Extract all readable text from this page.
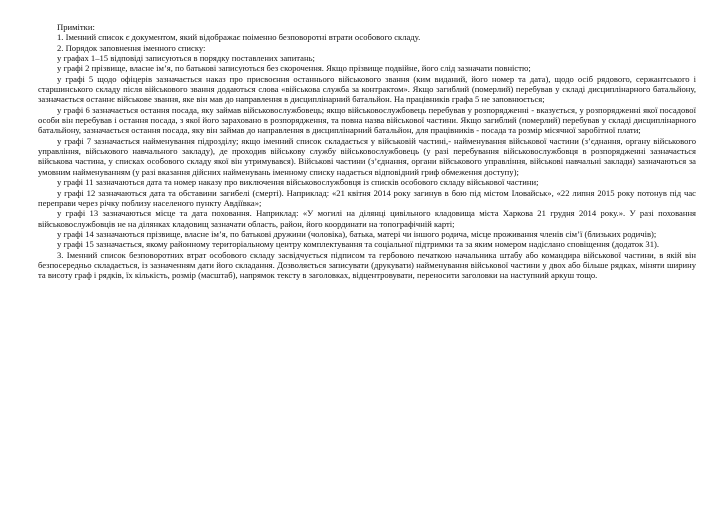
Примітки:

1. Іменний список є документом, який відображає поіменно безповоротні втрати особового складу.

2. Порядок заповнення іменного списку:

у графах 1–15 відповіді записуються в порядку поставлених запитань;

у графі 2 прізвище, власне ім’я, по батькові записуються без скорочення. Якщо прізвище подвійне, його слід зазначати повністю;

у графі 5 щодо офіцерів зазначається наказ про присвоєння останнього військового звання (ким виданий, його номер та дата), щодо осіб рядового, сержантського і старшинського складу після військового звання додаються слова «військова служба за контрактом». Якщо загиблий (померлий) перебував у складі дисциплінарного батальйону, зазначається останнє військове звання, яке він мав до направлення в дисциплінарний батальйон. На працівників графа 5 не заповнюється;

у графі 6 зазначається остання посада, яку займав військовослужбовець; якщо військовослужбовець перебував у розпорядженні - вказується, у розпорядженні якої посадової особи він перебував і остання посада, з якої його зараховано в розпорядження, та повна назва військової частини. Якщо загиблий (померлий) перебував у складі дисциплінарного батальйону, зазначається остання посада, яку він займав до направлення в дисциплінарний батальйон, для працівників - посада та розмір місячної заробітної плати;

у графі 7 зазначається найменування підрозділу; якщо іменний список складається у військовій частині,- найменування військової частини (з’єднання, органу військового управління, військового навчального закладу), де проходив військову службу військовослужбовець (у разі перебування військовослужбовця в розпорядженні зазначається військова частина, у списках особового складу якої він утримувався). Військові частини (з’єднання, органи військового управління, військові навчальні заклади) зазначаються за умовним найменуванням (у разі вказання дійсних найменувань іменному списку надається відповідний гриф обмеження доступу);

у графі 11 зазначаються дата та номер наказу про виключення військовослужбовця із списків особового складу військової частини;

у графі 12 зазначаються дата та обставини загибелі (смерті). Наприклад: «21 квітня 2014 року загинув в бою під містом Іловайськ», «22 липня 2015 року потонув під час переправи через річку поблизу населеного пункту Авдіївка»;

у графі 13 зазначаються місце та дата поховання. Наприклад: «У могилі на ділянці цивільного кладовища міста Харкова 21 грудня 2014 року.». У разі поховання військовослужбовців не на ділянках кладовищ зазначати область, район, його координати на топографічній карті;

у графі 14 зазначаються прізвище, власне ім’я, по батькові дружини (чоловіка), батька, матері чи іншого родича, місце проживання членів сім’ї (близьких родичів);

у графі 15 зазначається, якому районному територіальному центру комплектування та соціальної підтримки та за яким номером надіслано сповіщення (додаток 31).

3. Іменний список безповоротних втрат особового складу засвідчується підписом та гербовою печаткою начальника штабу або командира військової частини, в якій він безпосередньо складається, із зазначенням дати його складання. Дозволяється записувати (друкувати) найменування військової частини у двох або більше рядках, міняти ширину та висоту граф і рядків, їх кількість, розмір (масштаб), напрямок тексту в заголовках, відцентровувати, переносити заголовки на наступний аркуш тощо.
